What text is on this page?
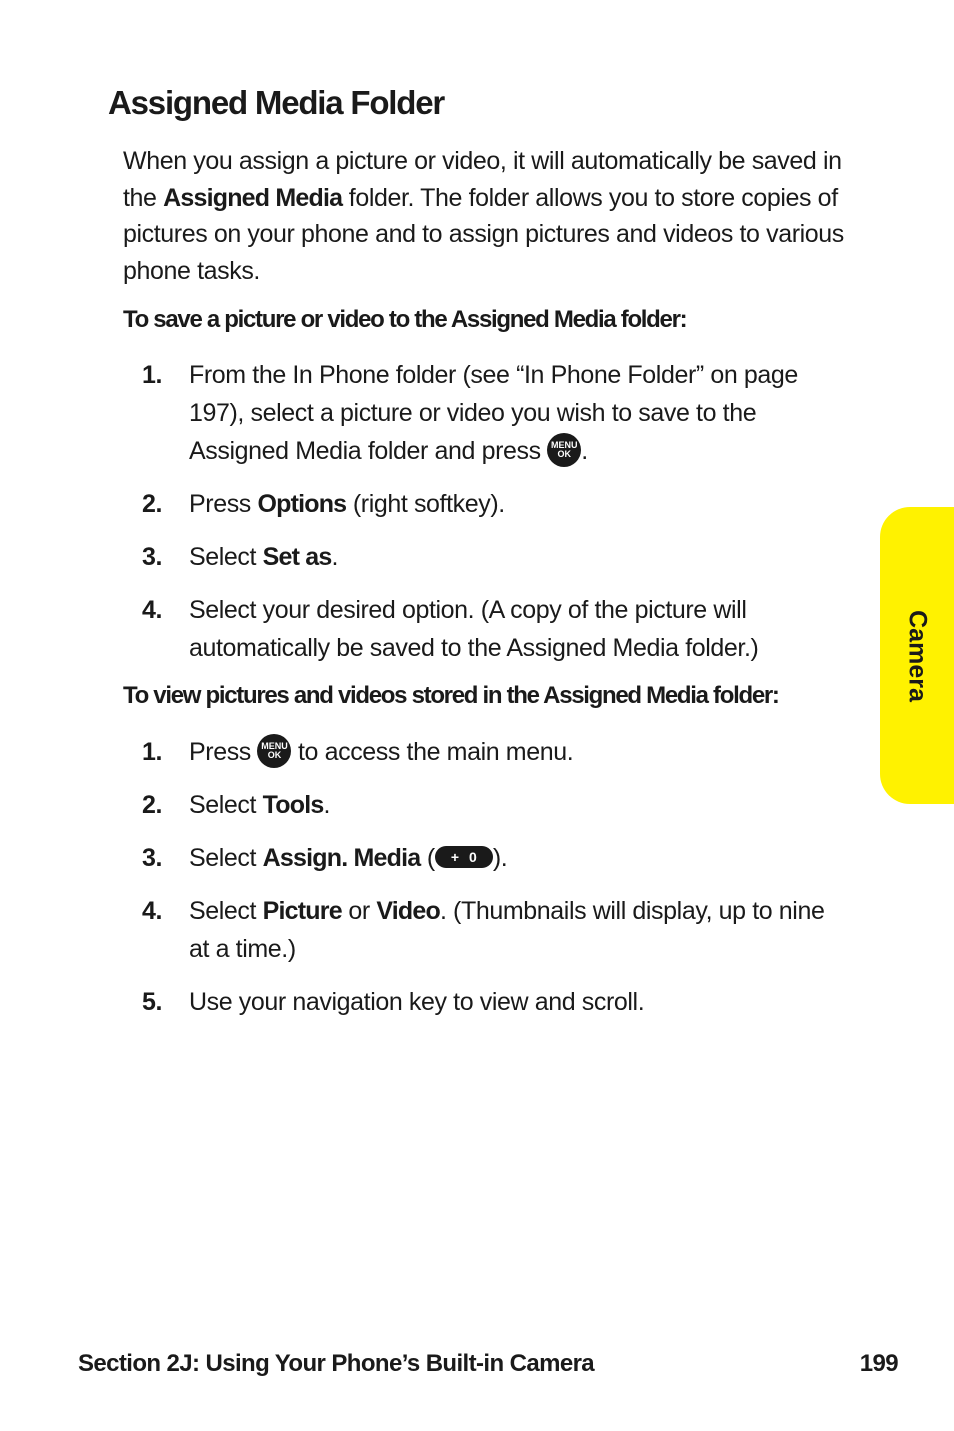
Assigned Media Folder

When you assign a picture or video, it will automatically be saved in the Assigned Media folder. The folder allows you to store copies of pictures on your phone and to assign pictures and videos to various phone tasks.

To save a picture or video to the Assigned Media folder:

1.	From the In Phone folder (see “In Phone Folder” on page 197), select a picture or video you wish to save to the Assigned Media folder and press MENU
OK .
2.	Press Options (right softkey).
3.	Select Set as.
4.	Select your desired option. (A copy of the picture will automatically be saved to the Assigned Media folder.)

To view pictures and videos stored in the Assigned Media folder:

1.	Press MENU
OK to access the main menu.
2.	Select Tools.
3.	Select Assign. Media ( + 0 ).
4.	Select Picture or Video. (Thumbnails will display, up to nine at a time.)
5.	Use your navigation key to view and scroll.
Camera
Section 2J: Using Your Phone’s Built-in Camera	199
